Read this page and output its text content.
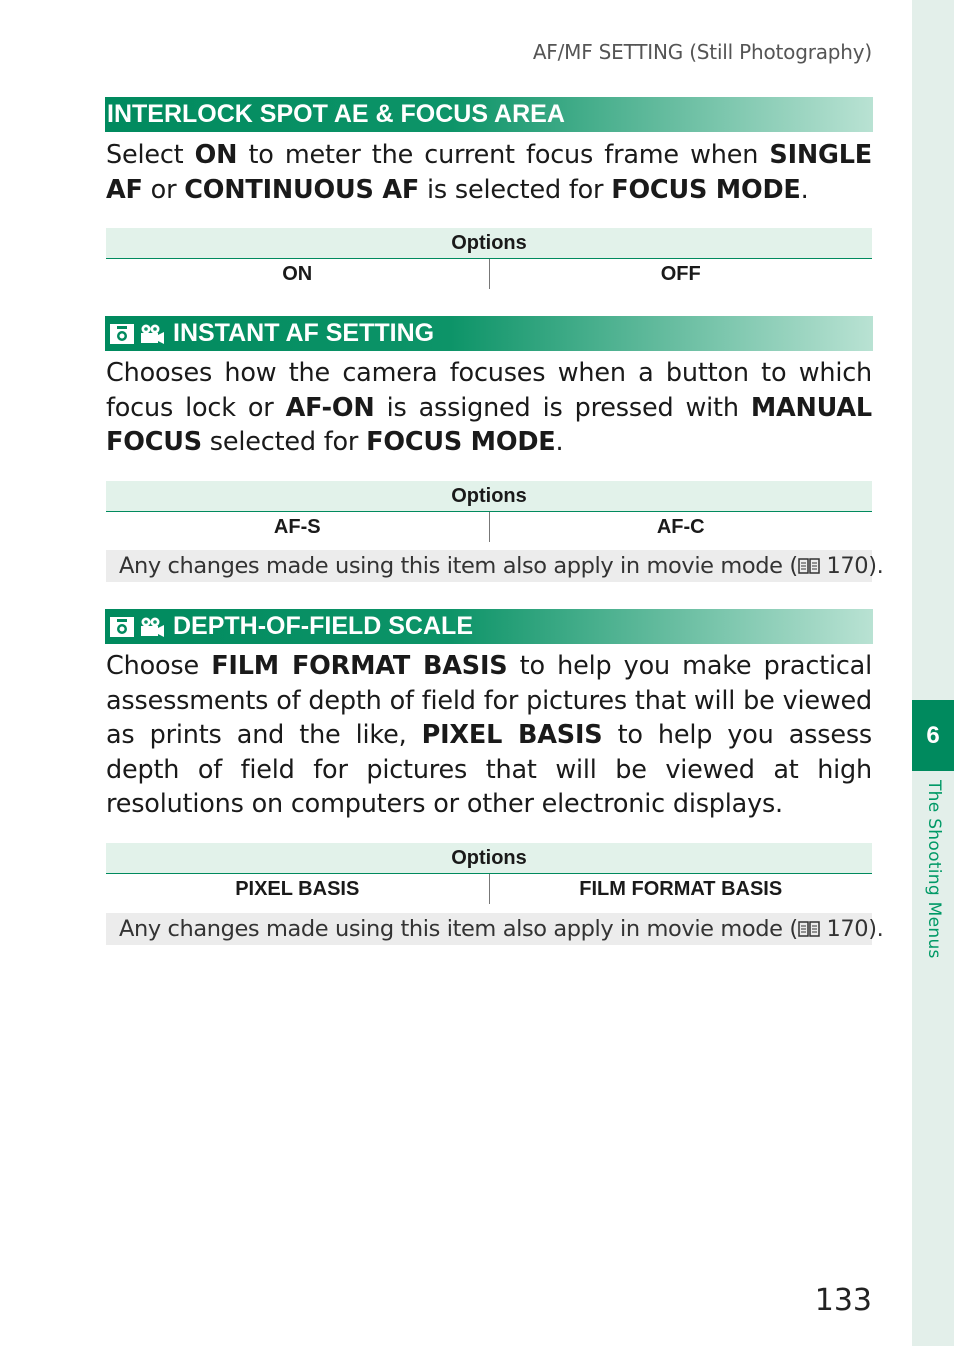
6
The Shooting Menus
AF/MF SETTING (Still Photography)
INTERLOCK SPOT AE & FOCUS AREA
Select ON to meter the current focus frame when SINGLE AF or CONTINUOUS AF is selected for FOCUS MODE.
Options
ON	OFF
INSTANT AF SETTING
Chooses how the camera focuses when a button to which focus lock or AF-ON is assigned is pressed with MANUAL FOCUS selected for FOCUS MODE.
Options
AF-S	AF-C
Any changes made using this item also apply in movie mode ( 170).
DEPTH-OF-FIELD SCALE
Choose FILM FORMAT BASIS to help you make practical assessments of depth of field for pictures that will be viewed as prints and the like, PIXEL BASIS to help you assess depth of field for pictures that will be viewed at high resolutions on computers or other electronic displays.
Options
PIXEL BASIS	FILM FORMAT BASIS
Any changes made using this item also apply in movie mode ( 170).
133
